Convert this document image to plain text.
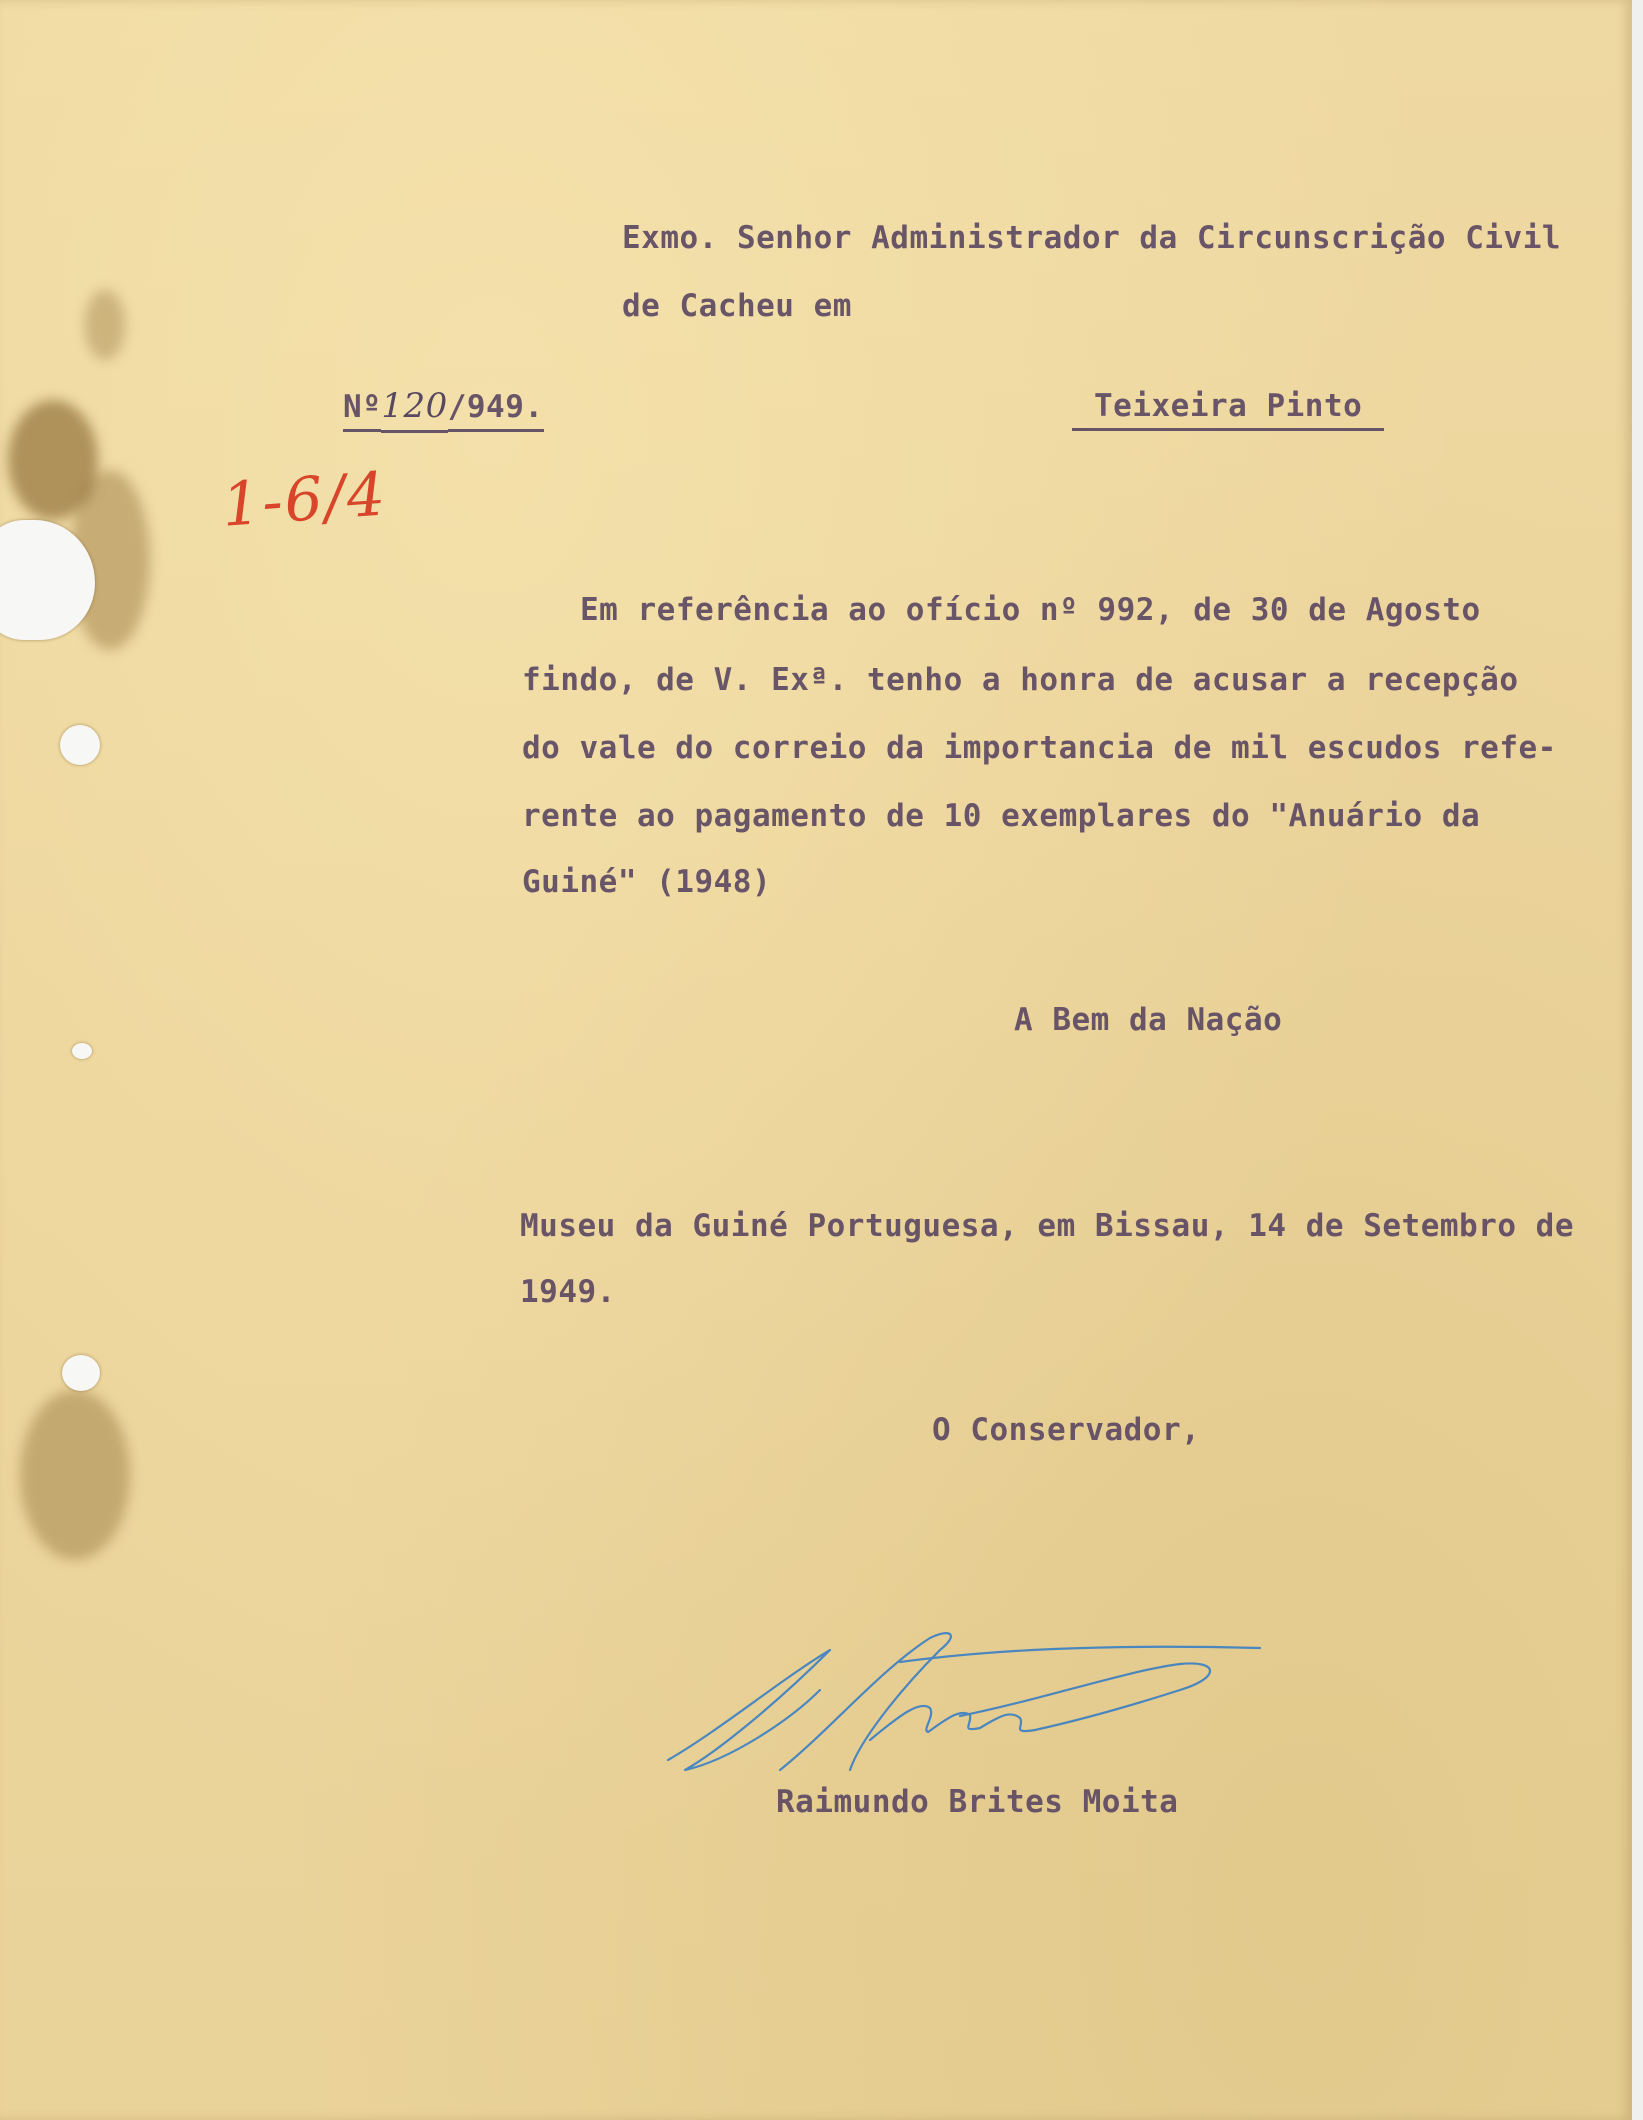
Exmo. Senhor Administrador da Circunscrição Civil
de Cacheu em
Teixeira Pinto

Nº120/949.

1-6/4
Em referência ao ofício nº 992, de 30 de Agosto
findo, de V. Exª. tenho a honra de acusar a recepção
do vale do correio da importancia de mil escudos refe-
rente ao pagamento de 10 exemplares do "Anuário da
Guiné" (1948)
A Bem da Nação
Museu da Guiné Portuguesa, em Bissau, 14 de Setembro de
1949.
O Conservador,
Raimundo Brites Moita
